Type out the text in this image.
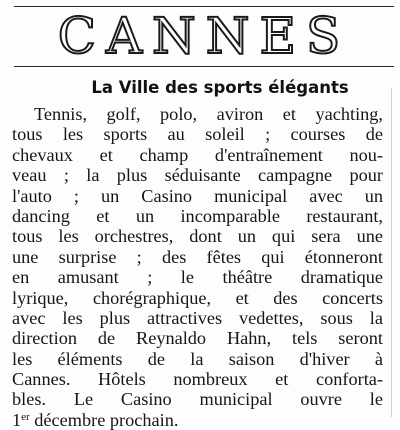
CANNES
La Ville des sports élégants
Tennis, golf, polo, aviron et yachting,
tous les sports au soleil ; courses de
chevaux et champ d'entraînement nou-
veau ; la plus séduisante campagne pour
l'auto ; un Casino municipal avec un
dancing et un incomparable restaurant,
tous les orchestres, dont un qui sera une
une surprise ; des fêtes qui étonneront
en amusant ; le théâtre dramatique
lyrique, chorégraphique, et des concerts
avec les plus attractives vedettes, sous la
direction de Reynaldo Hahn, tels seront
les éléments de la saison d'hiver à
Cannes. Hôtels nombreux et conforta-
bles. Le Casino municipal ouvre le
1er décembre prochain.
